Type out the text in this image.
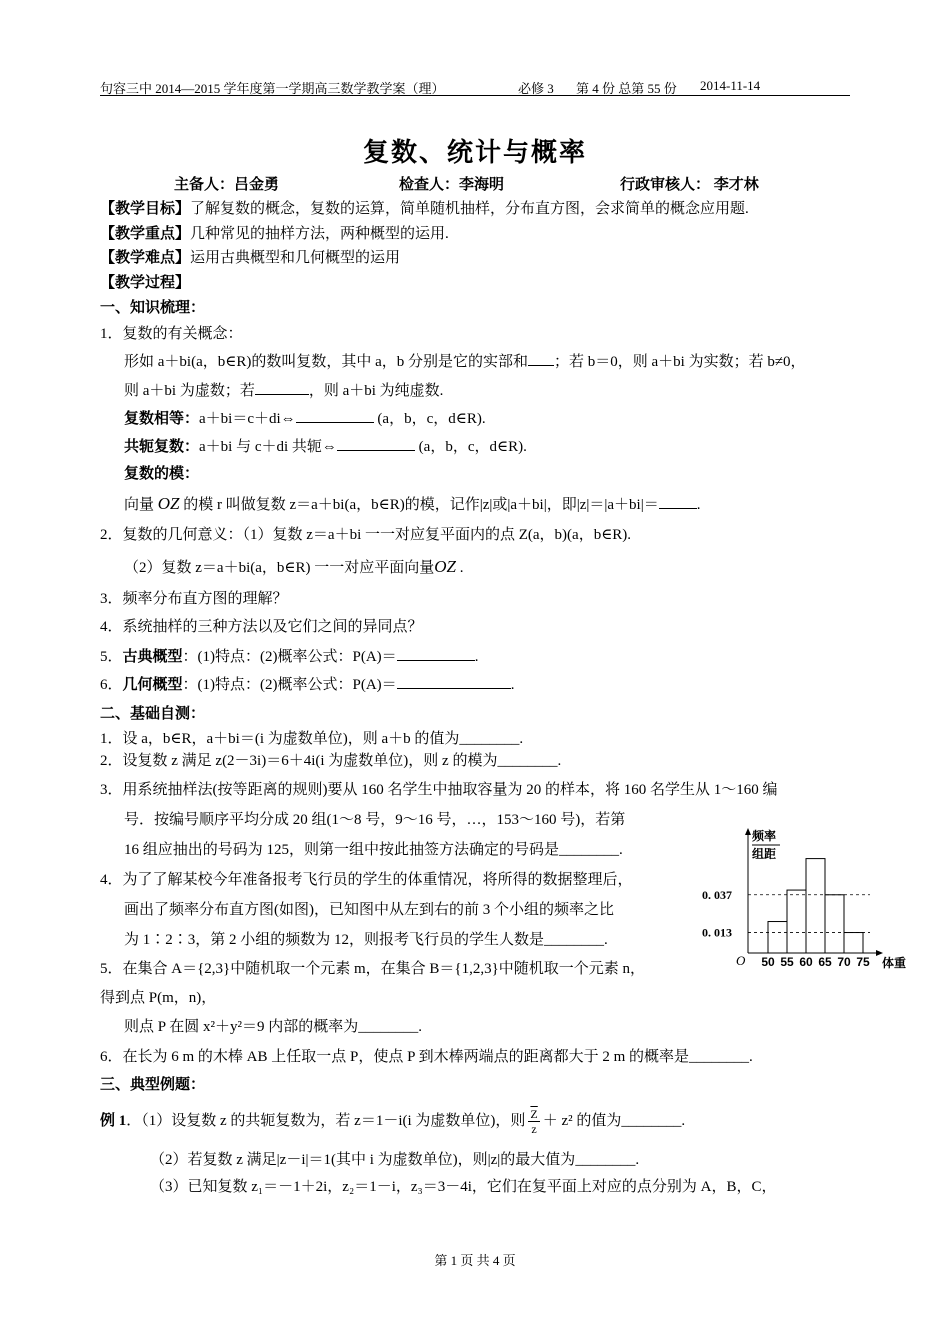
句容三中 2014—2015 学年度第一学期高三数学教学案（理）	必修 3 第 4 份 总第 55 份 2014-11-14
复数、统计与概率
主备人：吕金勇	检查人：李海明	行政审核人： 李才林
【教学目标】了解复数的概念，复数的运算，简单随机抽样，分布直方图，会求简单的概念应用题.
【教学重点】几种常见的抽样方法，两种概型的运用.
【教学难点】运用古典概型和几何概型的运用
【教学过程】
一、知识梳理：
1．复数的有关概念：
形如 a＋bi(a，b∈R)的数叫复数，其中 a，b 分别是它的实部和 ；若 b＝0，则 a＋bi 为实数；若 b≠0，
则 a＋bi 为虚数；若	，则 a＋bi 为纯虚数.
复数相等：a＋bi＝c＋di⇔	(a，b，c，d∈R).
共轭复数：a＋bi 与 c＋di 共轭⇔	(a，b，c，d∈R).
复数的模：
向量 OZ 的模 r 叫做复数 z＝a＋bi(a，b∈R)的模，记作|z|或|a＋bi|，即|z|＝|a＋bi|＝	.
2．复数的几何意义：（1）复数 z＝a＋bi 一一对应复平面内的点 Z(a，b)(a，b∈R).
（2）复数 z＝a＋bi(a，b∈R) 一一对应平面向量OZ .
3．频率分布直方图的理解？
4．系统抽样的三种方法以及它们之间的异同点？
5．古典概型：(1)特点：(2)概率公式：P(A)＝	.
6．几何概型：(1)特点：(2)概率公式：P(A)＝	.
二、基础自测：
1．设 a，b∈R，a＋bi＝(i 为虚数单位)，则 a＋b 的值为________.
2．设复数 z 满足 z(2－3i)＝6＋4i(i 为虚数单位)，则 z 的模为________.
3．用系统抽样法(按等距离的规则)要从 160 名学生中抽取容量为 20 的样本，将 160 名学生从 1～160 编
号．按编号顺序平均分成 20 组(1～8 号，9～16 号，…，153～160 号)，若第
16 组应抽出的号码为 125，则第一组中按此抽签方法确定的号码是________.
4．为了了解某校今年准备报考飞行员的学生的体重情况，将所得的数据整理后，
画出了频率分布直方图(如图)，已知图中从左到右的前 3 个小组的频率之比
为 1∶2∶3，第 2 小组的频数为 12，则报考飞行员的学生人数是________.
5．在集合 A＝{2,3}中随机取一个元素 m，在集合 B＝{1,2,3}中随机取一个元素 n，
得到点 P(m，n)，
则点 P 在圆 x²＋y²＝9 内部的概率为________.
6．在长为 6 m 的木棒 AB 上任取一点 P，使点 P 到木棒两端点的距离都大于 2 m 的概率是________.
三、典型例题：
例 1．（1）设复数 z 的共轭复数为，若 z＝1－i(i 为虚数单位)，则 $\frac{\overline{Z}}{z} + z^2$ 的值为________.
（2）若复数 z 满足|z－i|＝1(其中 i 为虚数单位)，则|z|的最大值为________.
（3）已知复数 z₁＝－1＋2i，z₂＝1－i，z₃＝3－4i，它们在复平面上对应的点分别为 A，B，C，
频率
组距
0. 037
0. 013
50 55 60 65 70 75
O	体重
第 1 页 共 4 页
